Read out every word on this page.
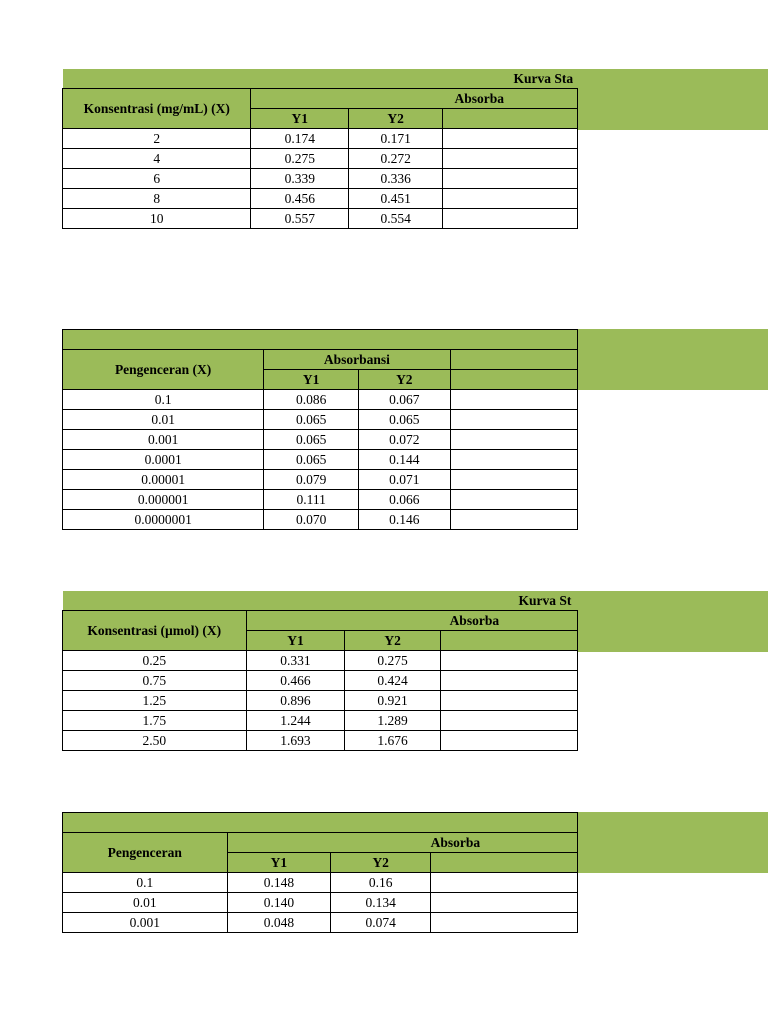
Kurva Sta			
Konsentrasi (mg/mL) (X)	Absorba		
	Y1	Y2	
2	0.174	0.171	
4	0.275	0.272	
6	0.339	0.336	
8	0.456	0.451	
10	0.557	0.554	

Pengenceran (X)	Absorbansi		
	Y1	Y2	
0.1	0.086	0.067	
0.01	0.065	0.065	
0.001	0.065	0.072	
0.0001	0.065	0.144	
0.00001	0.079	0.071	
0.000001	0.111	0.066	
0.0000001	0.070	0.146	
Kurva St			
Konsentrasi (µmol) (X)	Absorba		
	Y1	Y2	
0.25	0.331	0.275	
0.75	0.466	0.424	
1.25	0.896	0.921	
1.75	1.244	1.289	
2.50	1.693	1.676	

Pengenceran	Absorba		
	Y1	Y2	
0.1	0.148	0.16	
0.01	0.140	0.134	
0.001	0.048	0.074	
